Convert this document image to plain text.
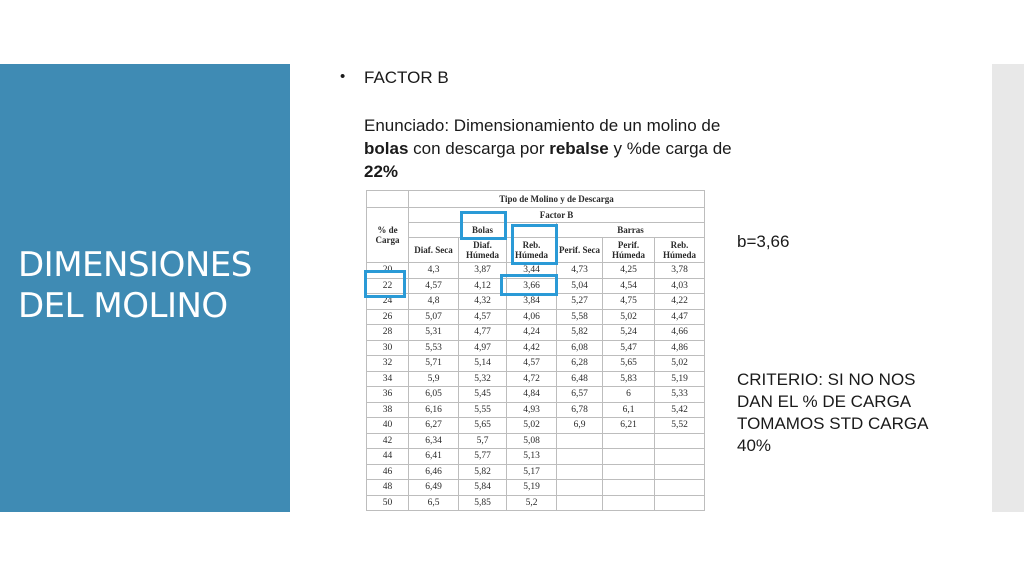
DIMENSIONES DEL MOLINO
• FACTOR B
Enunciado: Dimensionamiento de un molino de bolas con descarga por rebalse y %de carga de 22%
	Tipo de Molino y de Descarga					
% de Carga	Factor B					
	Bolas			Barras		
	Diaf. Seca	Diaf. Húmeda	Reb. Húmeda	Perif. Seca	Perif. Húmeda	Reb. Húmeda
20	4,3	3,87	3,44	4,73	4,25	3,78
22	4,57	4,12	3,66	5,04	4,54	4,03
24	4,8	4,32	3,84	5,27	4,75	4,22
26	5,07	4,57	4,06	5,58	5,02	4,47
28	5,31	4,77	4,24	5,82	5,24	4,66
30	5,53	4,97	4,42	6,08	5,47	4,86
32	5,71	5,14	4,57	6,28	5,65	5,02
34	5,9	5,32	4,72	6,48	5,83	5,19
36	6,05	5,45	4,84	6,57	6	5,33
38	6,16	5,55	4,93	6,78	6,1	5,42
40	6,27	5,65	5,02	6,9	6,21	5,52
42	6,34	5,7	5,08			
44	6,41	5,77	5,13			
46	6,46	5,82	5,17			
48	6,49	5,84	5,19			
50	6,5	5,85	5,2			
b=3,66
CRITERIO: SI NO NOS DAN EL % DE CARGA TOMAMOS STD CARGA 40%
